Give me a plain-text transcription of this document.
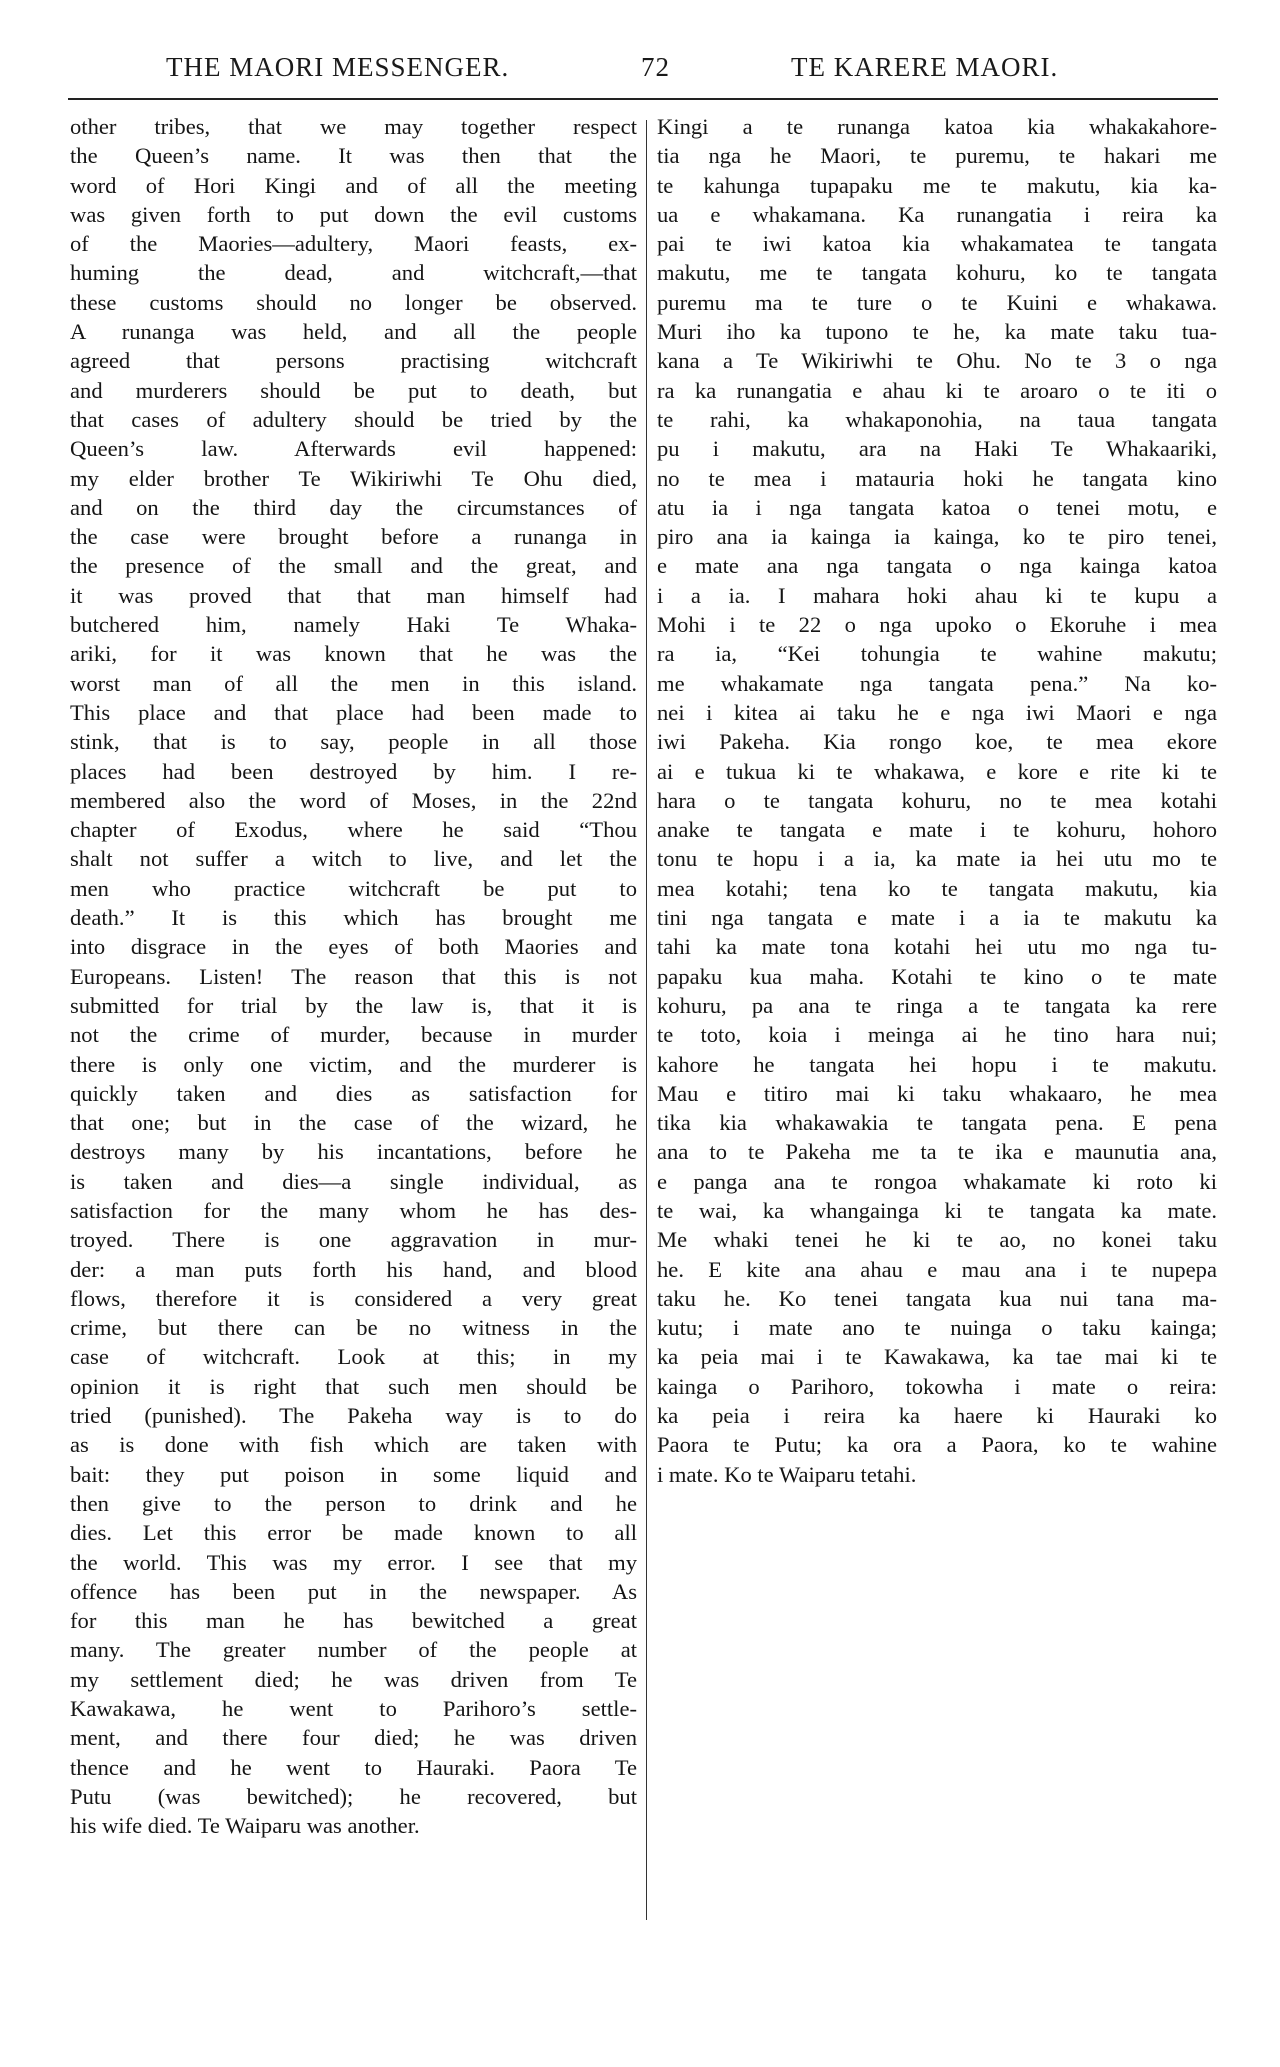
THE MAORI MESSENGER.	72	TE KARERE MAORI.
other tribes, that we may together respect
the Queen’s name. It was then that the
word of Hori Kingi and of all the meeting
was given forth to put down the evil customs
of the Maories—adultery, Maori feasts, ex-
huming the dead, and witchcraft,—that
these customs should no longer be observed.
A runanga was held, and all the people
agreed that persons practising witchcraft
and murderers should be put to death, but
that cases of adultery should be tried by the
Queen’s law. Afterwards evil happened:
my elder brother Te Wikiriwhi Te Ohu died,
and on the third day the circumstances of
the case were brought before a runanga in
the presence of the small and the great, and
it was proved that that man himself had
butchered him, namely Haki Te Whaka-
ariki, for it was known that he was the
worst man of all the men in this island.
This place and that place had been made to
stink, that is to say, people in all those
places had been destroyed by him. I re-
membered also the word of Moses, in the 22nd
chapter of Exodus, where he said “Thou
shalt not suffer a witch to live, and let the
men who practice witchcraft be put to
death.” It is this which has brought me
into disgrace in the eyes of both Maories and
Europeans. Listen! The reason that this is not
submitted for trial by the law is, that it is
not the crime of murder, because in murder
there is only one victim, and the murderer is
quickly taken and dies as satisfaction for
that one; but in the case of the wizard, he
destroys many by his incantations, before he
is taken and dies—a single individual, as
satisfaction for the many whom he has des-
troyed. There is one aggravation in mur-
der: a man puts forth his hand, and blood
flows, therefore it is considered a very great
crime, but there can be no witness in the
case of witchcraft. Look at this; in my
opinion it is right that such men should be
tried (punished). The Pakeha way is to do
as is done with fish which are taken with
bait: they put poison in some liquid and
then give to the person to drink and he
dies. Let this error be made known to all
the world. This was my error. I see that my
offence has been put in the newspaper. As
for this man he has bewitched a great
many. The greater number of the people at
my settlement died; he was driven from Te
Kawakawa, he went to Parihoro’s settle-
ment, and there four died; he was driven
thence and he went to Hauraki. Paora Te
Putu (was bewitched); he recovered, but
his wife died. Te Waiparu was another.
Kingi a te runanga katoa kia whakakahore-
tia nga he Maori, te puremu, te hakari me
te kahunga tupapaku me te makutu, kia ka-
ua e whakamana. Ka runangatia i reira ka
pai te iwi katoa kia whakamatea te tangata
makutu, me te tangata kohuru, ko te tangata
puremu ma te ture o te Kuini e whakawa.
Muri iho ka tupono te he, ka mate taku tua-
kana a Te Wikiriwhi te Ohu. No te 3 o nga
ra ka runangatia e ahau ki te aroaro o te iti o
te rahi, ka whakaponohia, na taua tangata
pu i makutu, ara na Haki Te Whakaariki,
no te mea i matauria hoki he tangata kino
atu ia i nga tangata katoa o tenei motu, e
piro ana ia kainga ia kainga, ko te piro tenei,
e mate ana nga tangata o nga kainga katoa
i a ia. I mahara hoki ahau ki te kupu a
Mohi i te 22 o nga upoko o Ekoruhe i mea
ra ia, “Kei tohungia te wahine makutu;
me whakamate nga tangata pena.” Na ko-
nei i kitea ai taku he e nga iwi Maori e nga
iwi Pakeha. Kia rongo koe, te mea ekore
ai e tukua ki te whakawa, e kore e rite ki te
hara o te tangata kohuru, no te mea kotahi
anake te tangata e mate i te kohuru, hohoro
tonu te hopu i a ia, ka mate ia hei utu mo te
mea kotahi; tena ko te tangata makutu, kia
tini nga tangata e mate i a ia te makutu ka
tahi ka mate tona kotahi hei utu mo nga tu-
papaku kua maha. Kotahi te kino o te mate
kohuru, pa ana te ringa a te tangata ka rere
te toto, koia i meinga ai he tino hara nui;
kahore he tangata hei hopu i te makutu.
Mau e titiro mai ki taku whakaaro, he mea
tika kia whakawakia te tangata pena. E pena
ana to te Pakeha me ta te ika e maunutia ana,
e panga ana te rongoa whakamate ki roto ki
te wai, ka whangainga ki te tangata ka mate.
Me whaki tenei he ki te ao, no konei taku
he. E kite ana ahau e mau ana i te nupepa
taku he. Ko tenei tangata kua nui tana ma-
kutu; i mate ano te nuinga o taku kainga;
ka peia mai i te Kawakawa, ka tae mai ki te
kainga o Parihoro, tokowha i mate o reira:
ka peia i reira ka haere ki Hauraki ko
Paora te Putu; ka ora a Paora, ko te wahine
i mate. Ko te Waiparu tetahi.
